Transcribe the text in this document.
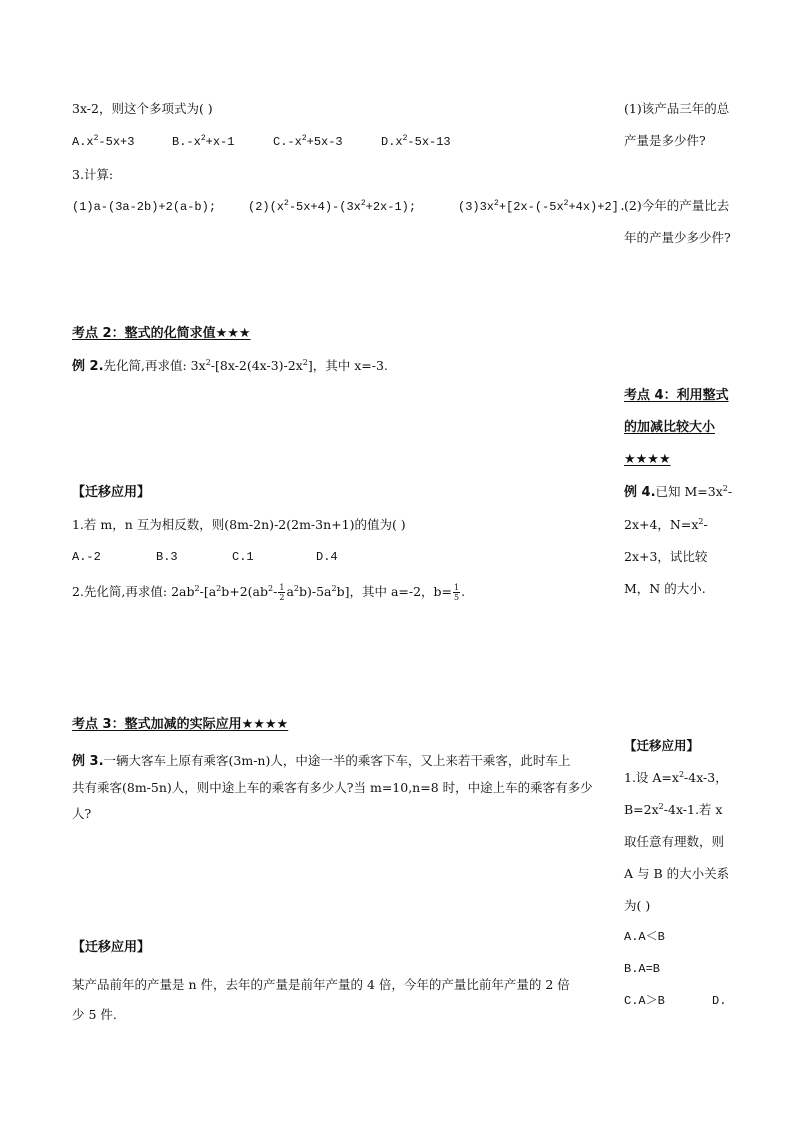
3x-2，则这个多项式为( )

$A.x^2-5x+3$	$B.-x^2+x-1$	$C.-x^2+5x-3$	$D.x^2-5x-13$

3.计算:

(1)a-(3a-2b)+2(a-b);	$(2)(x^2-5x+4)-(3x^2+2x-1)$;	$(3)3x^2+[2x-(-5x^2+4x)+2]$.

考点 2：整式的化简求值★★★

例 2.先化简,再求值: $3x^2-[8x-2(4x-3)-2x^2]$，其中 x=-3.

【迁移应用】

1.若 m，n 互为相反数，则(8m-2n)-2(2m-3n+1)的值为( )

A.-2	B.3	C.1	D.4

2.先化简,再求值: $2ab^2-[a^2b+2(ab^2- \frac{1}{2} a^2b)-5a^2b]$，其中 a=-2，$b= \frac{1}{5}$ .

考点 3：整式加减的实际应用★★★★

例 3.一辆大客车上原有乘客(3m-n)人，中途一半的乘客下车，又上来若干乘客，此时车上
共有乘客(8m-5n)人，则中途上车的乘客有多少人?当 m=10,n=8 时，中途上车的乘客有多少
人?

【迁移应用】

某产品前年的产量是 n 件，去年的产量是前年产量的 4 倍，今年的产量比前年产量的 2 倍
少 5 件.

(1)该产品三年的总产量是多少件?

(2)今年的产量比去年的产量少多少件?

考点 4：利用整式的加减比较大小★★★★

例 4.已知 $M=3x^2-2x+4$，$N=x^2-2x+3$，试比较 M，N 的大小.

【迁移应用】

1.设 $A=x^2-4x-3$，$B=2x^2-4x-1$.若 x 取任意有理数，则 A 与 B 的大小关系为( )

A.A＜B

B.A=B

C.A＞B	D.
